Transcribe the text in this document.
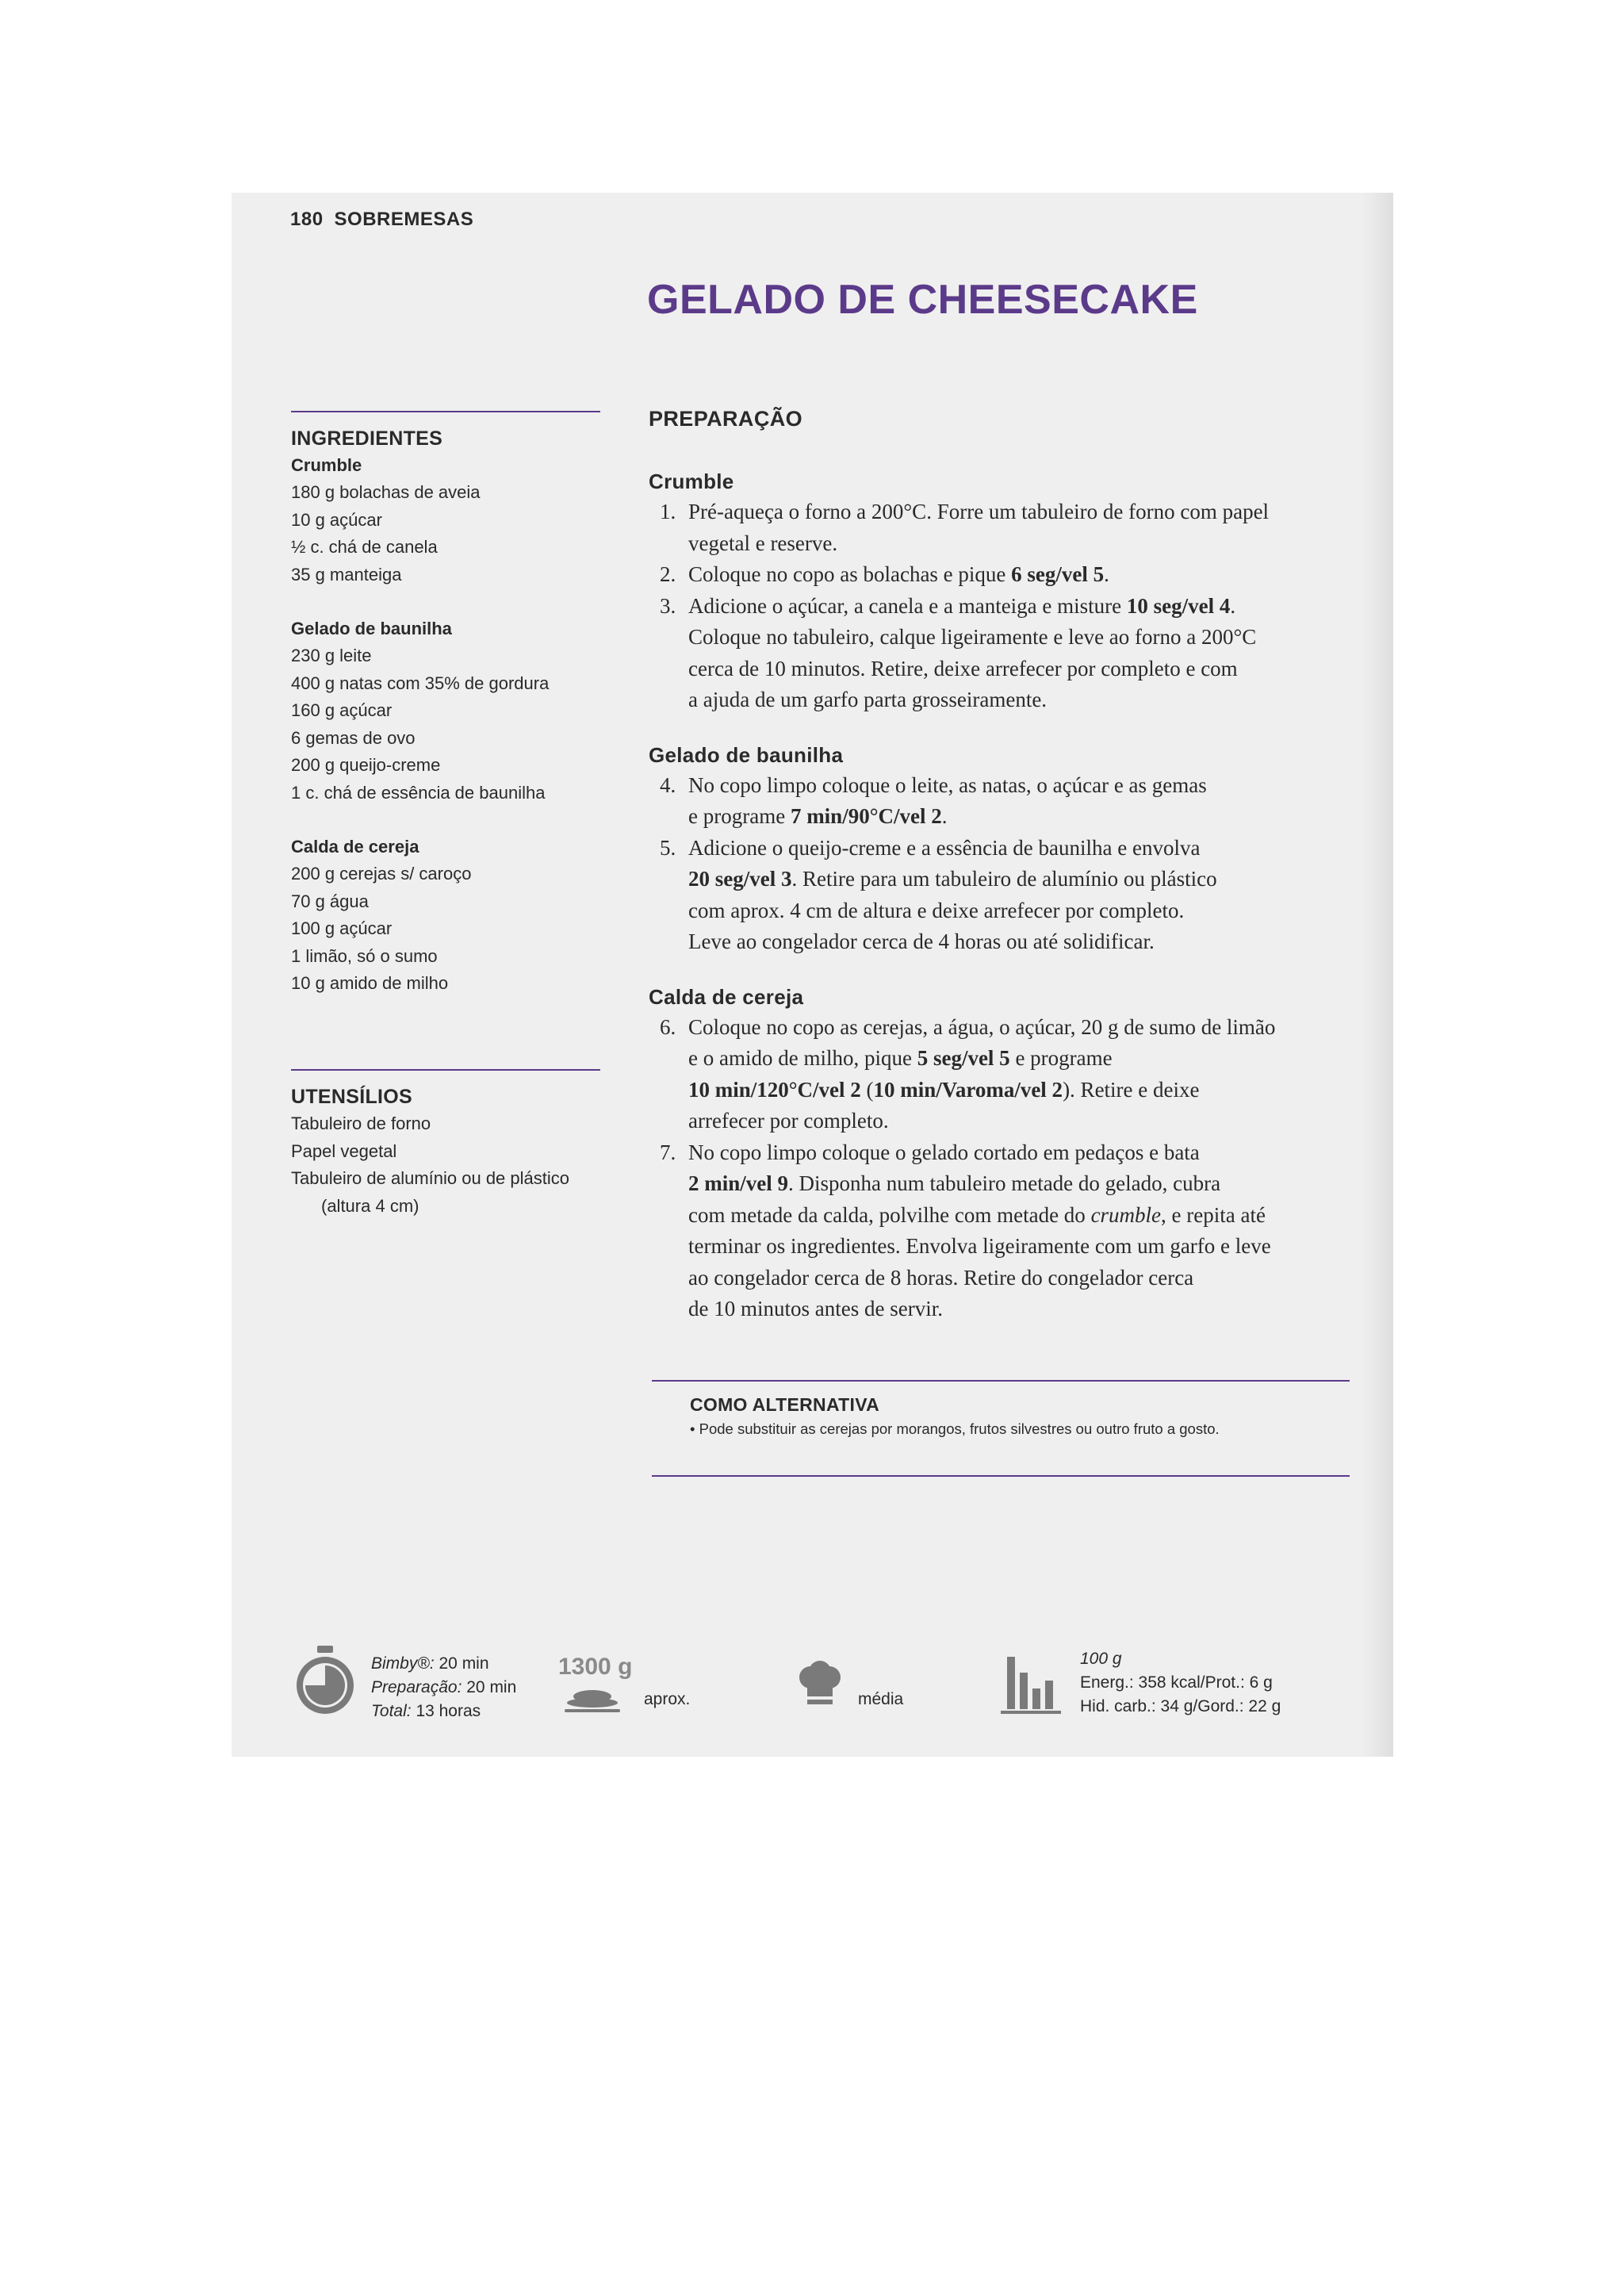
180 SOBREMESAS
GELADO DE CHEESECAKE
INGREDIENTES
Crumble
180 g bolachas de aveia
10 g açúcar
½ c. chá de canela
35 g manteiga
Gelado de baunilha
230 g leite
400 g natas com 35% de gordura
160 g açúcar
6 gemas de ovo
200 g queijo-creme
1 c. chá de essência de baunilha
Calda de cereja
200 g cerejas s/ caroço
70 g água
100 g açúcar
1 limão, só o sumo
10 g amido de milho
UTENSÍLIOS
Tabuleiro de forno
Papel vegetal
Tabuleiro de alumínio ou de plástico
(altura 4 cm)
PREPARAÇÃO
Crumble
1. Pré-aqueça o forno a 200°C. Forre um tabuleiro de forno com papel
vegetal e reserve.
2. Coloque no copo as bolachas e pique 6 seg/vel 5.
3. Adicione o açúcar, a canela e a manteiga e misture 10 seg/vel 4.
Coloque no tabuleiro, calque ligeiramente e leve ao forno a 200°C
cerca de 10 minutos. Retire, deixe arrefecer por completo e com
a ajuda de um garfo parta grosseiramente.
Gelado de baunilha
4. No copo limpo coloque o leite, as natas, o açúcar e as gemas
e programe 7 min/90°C/vel 2.
5. Adicione o queijo-creme e a essência de baunilha e envolva
20 seg/vel 3. Retire para um tabuleiro de alumínio ou plástico
com aprox. 4 cm de altura e deixe arrefecer por completo.
Leve ao congelador cerca de 4 horas ou até solidificar.
Calda de cereja
6. Coloque no copo as cerejas, a água, o açúcar, 20 g de sumo de limão
e o amido de milho, pique 5 seg/vel 5 e programe
10 min/120°C/vel 2 (10 min/Varoma/vel 2). Retire e deixe
arrefecer por completo.
7. No copo limpo coloque o gelado cortado em pedaços e bata
2 min/vel 9. Disponha num tabuleiro metade do gelado, cubra
com metade da calda, polvilhe com metade do crumble, e repita até
terminar os ingredientes. Envolva ligeiramente com um garfo e leve
ao congelador cerca de 8 horas. Retire do congelador cerca
de 10 minutos antes de servir.
COMO ALTERNATIVA
• Pode substituir as cerejas por morangos, frutos silvestres ou outro fruto a gosto.
Bimby®: 20 min
Preparação: 20 min
Total: 13 horas
1300 g
aprox.	média
100 g
Energ.: 358 kcal/Prot.: 6 g
Hid. carb.: 34 g/Gord.: 22 g
